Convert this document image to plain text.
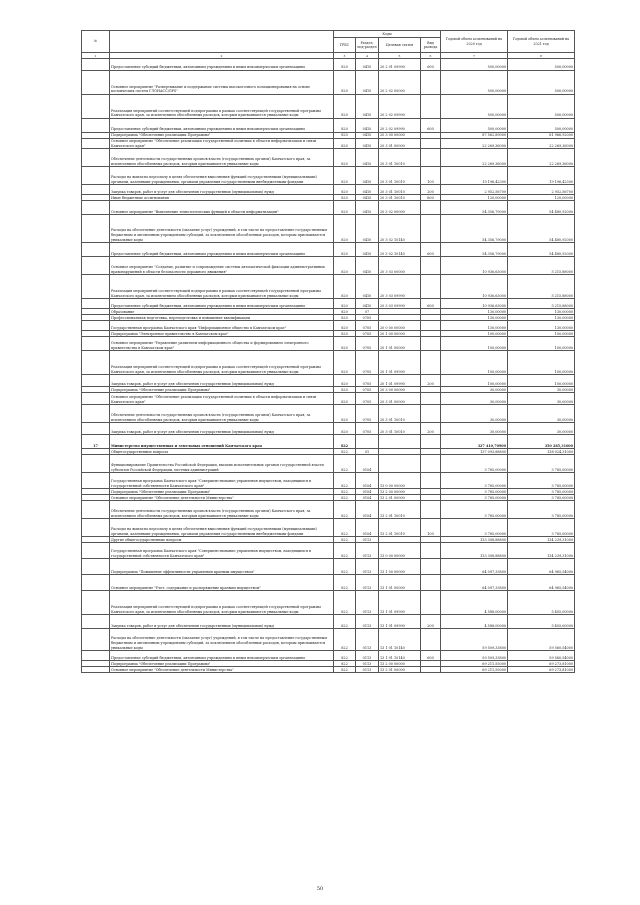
№		Коды				Годовой объем ассигнований на 2020 год	Годовой объем ассигнований на 2021 год
		ГРБС	Раздел, под-раздел	Целевая статья	Вид расхода		
1	2	3	4	5	6	7	8
	Предоставление субсидий бюджетным, автономным учреждениям и иным некоммерческим организациям	820	0410	20 2 01 09990	600	500,00000	500,00000
	Основное мероприятие "Развертывание и поддержание системы высокоточного позиционирования на основе космических систем ГЛОНАСС/GPS"	820	0410	20 2 02 00000		500,00000	500,00000
	Реализация мероприятий соответствующей подпрограммы в рамках соответствующей государственной программы Камчатского края, за исключением обособленных расходов, которым присваиваются уникальные коды	820	0410	20 2 02 09990		500,00000	500,00000
	Предоставление субсидий бюджетным, автономным учреждениям и иным некоммерческим организациям	820	0410	20 2 02 09990	600	500,00000	500,00000
	Подпрограмма "Обеспечение реализации Программы"	820	0410	20 3 00 00000		87 562,89000	81 966,92000
	Основное мероприятие "Обеспечение реализации государственной политики в области информатизации и связи Камчатского края"	820	0410	20 3 01 00000		22 269,36000	22 269,36000
	Обеспечение деятельности государственных органов власти (государственных органов) Камчатского края, за исключением обособленных расходов, которым присваиваются уникальные коды	820	0410	20 3 01 10010		22 269,36000	22 269,36000
	Расходы на выплаты персоналу в целях обеспечения выполнения функций государственными (муниципальными) органами, казенными учреждениями, органами управления государственными внебюджетными фондами	820	0410	20 3 01 10010	100	19 196,42300	19 196,42300
	Закупка товаров, работ и услуг для обеспечения государственных (муниципальных) нужд	820	0410	20 3 01 10010	200	2 952,56700	2 952,56700
	Иные бюджетные ассигнования	820	0410	20 3 01 10010	800	120,00000	120,00000
	Основное мероприятие "Выполнение технологических функций в области информатизации"	820	0410	20 3 02 00000		54 356,79000	54 480,92000
	Расходы на обеспечение деятельности (оказание услуг) учреждений, в том числе на предоставление государственным бюджетным и автономным учреждениям субсидий, за исключением обособленных расходов, которым присваиваются уникальные коды	820	0410	20 3 02 10140		54 356,79000	54 480,92000
	Предоставление субсидий бюджетным, автономным учреждениям и иным некоммерческим организациям	820	0410	20 3 02 10140	600	54 356,79000	54 480,92000
	Основное мероприятие "Создание, развитие и сопровождение системы автоматической фиксации административных правонарушений в области безопасности дорожного движения"	820	0410	20 3 03 00000		10 936,63000	5 215,88000
	Реализация мероприятий соответствующей подпрограммы в рамках соответствующей государственной программы Камчатского края, за исключением обособленных расходов, которым присваиваются уникальные коды	820	0410	20 3 03 09990		10 936,63000	5 215,88000
	Предоставление субсидий бюджетным, автономным учреждениям и иным некоммерческим организациям	820	0410	20 3 03 09990	600	10 936,63000	5 215,88000
	Образование	820	07			130,00000	130,00000
	Профессиональная подготовка, переподготовка и повышение квалификации	820	0705			130,00000	130,00000
	Государственная программа Камчатского края "Информационное общество в Камчатском крае"	820	0705	20 0 00 00000		130,00000	130,00000
	Подпрограмма "Электронное правительство в Камчатском крае"	820	0705	20 1 00 00000		100,00000	100,00000
	Основное мероприятие "Управление развитием информационного общества и формированием электронного правительства в Камчатском крае"	820	0705	20 1 01 00000		100,00000	100,00000
	Реализация мероприятий соответствующей подпрограммы в рамках соответствующей государственной программы Камчатского края, за исключением обособленных расходов, которым присваиваются уникальные коды	820	0705	20 1 01 09990		100,00000	100,00000
	Закупка товаров, работ и услуг для обеспечения государственных (муниципальных) нужд	820	0705	20 1 01 09990	200	100,00000	100,00000
	Подпрограмма "Обеспечение реализации Программы"	820	0705	20 3 00 00000		30,00000	30,00000
	Основное мероприятие "Обеспечение реализации государственной политики в области информатизации и связи Камчатского края"	820	0705	20 3 01 00000		30,00000	30,00000
	Обеспечение деятельности государственных органов власти (государственных органов) Камчатского края, за исключением обособленных расходов, которым присваиваются уникальные коды	820	0705	20 3 01 10010		30,00000	30,00000
	Закупка товаров, работ и услуг для обеспечения государственных (муниципальных) нужд	820	0705	20 3 01 10010	200	30,00000	30,00000
17	Министерство имущественных и земельных отношений Камчатского края	822				327 410,70900	350 285,31000
	Общегосударственные вопросы	822	01			137 093,88800	138 024,31000
	Функционирование Правительства Российской Федерации, высших исполнительных органов государственной власти субъектов Российской Федерации, местных администраций	822	0104			3 785,00000	3 785,00000
	Государственная программа Камчатского края "Совершенствование управления имуществом, находящимся в государственной собственности Камчатского края"	822	0104	13 0 00 00000		3 785,00000	3 785,00000
	Подпрограмма "Обеспечение реализации Программы"	822	0104	13 2 00 00000		3 785,00000	3 785,00000
	Основное мероприятие "Обеспечение деятельности Министерства"	822	0104	13 2 01 00000		3 785,00000	3 785,00000
	Обеспечение деятельности государственных органов власти (государственных органов) Камчатского края, за исключением обособленных расходов, которым присваиваются уникальные коды	822	0104	13 2 01 10010		3 785,00000	3 785,00000
	Расходы на выплаты персоналу в целях обеспечения выполнения функций государственными (муниципальными) органами, казенными учреждениями, органами управления государственными внебюджетными фондами	822	0104	13 2 01 10010	100	3 785,00000	3 785,00000
	Другие общегосударственные вопросы	822	0113			133 308,88800	134 239,31000
	Государственная программа Камчатского края "Совершенствование управления имуществом, находящимся в государственной собственности Камчатского края"	822	0113	13 0 00 00000		133 308,88800	134 239,31000
	Подпрограмма "Повышение эффективности управления краевым имуществом"	822	0113	13 1 00 00000		64 097,33800	64 965,54000
	Основное мероприятие "Учет, содержание и распоряжение краевым имуществом"	822	0113	13 1 01 00000		64 097,33800	64 965,54000
	Реализация мероприятий соответствующей подпрограммы в рамках соответствующей государственной программы Камчатского края, за исключением обособленных расходов, которым присваиваются уникальные коды	822	0113	13 1 01 09990		4 588,00000	5 405,00000
	Закупка товаров, работ и услуг для обеспечения государственных (муниципальных) нужд	822	0113	13 1 01 09990	200	4 588,00000	5 405,00000
	Расходы на обеспечение деятельности (оказание услуг) учреждений, в том числе на предоставление государственным бюджетным и автономным учреждениям субсидий, за исключением обособленных расходов, которым присваиваются уникальные коды	822	0113	13 1 01 10140		59 509,33800	59 560,54000
	Предоставление субсидий бюджетным, автономным учреждениям и иным некоммерческим организациям	822	0113	13 1 01 10140	600	59 509,33800	59 560,54000
	Подпрограмма "Обеспечение реализации Программы"	822	0113	13 2 00 00000		69 211,55000	69 273,81000
	Основное мероприятие "Обеспечение деятельности Министерства"	822	0113	13 2 01 00000		69 211,55000	69 273,81000
50
